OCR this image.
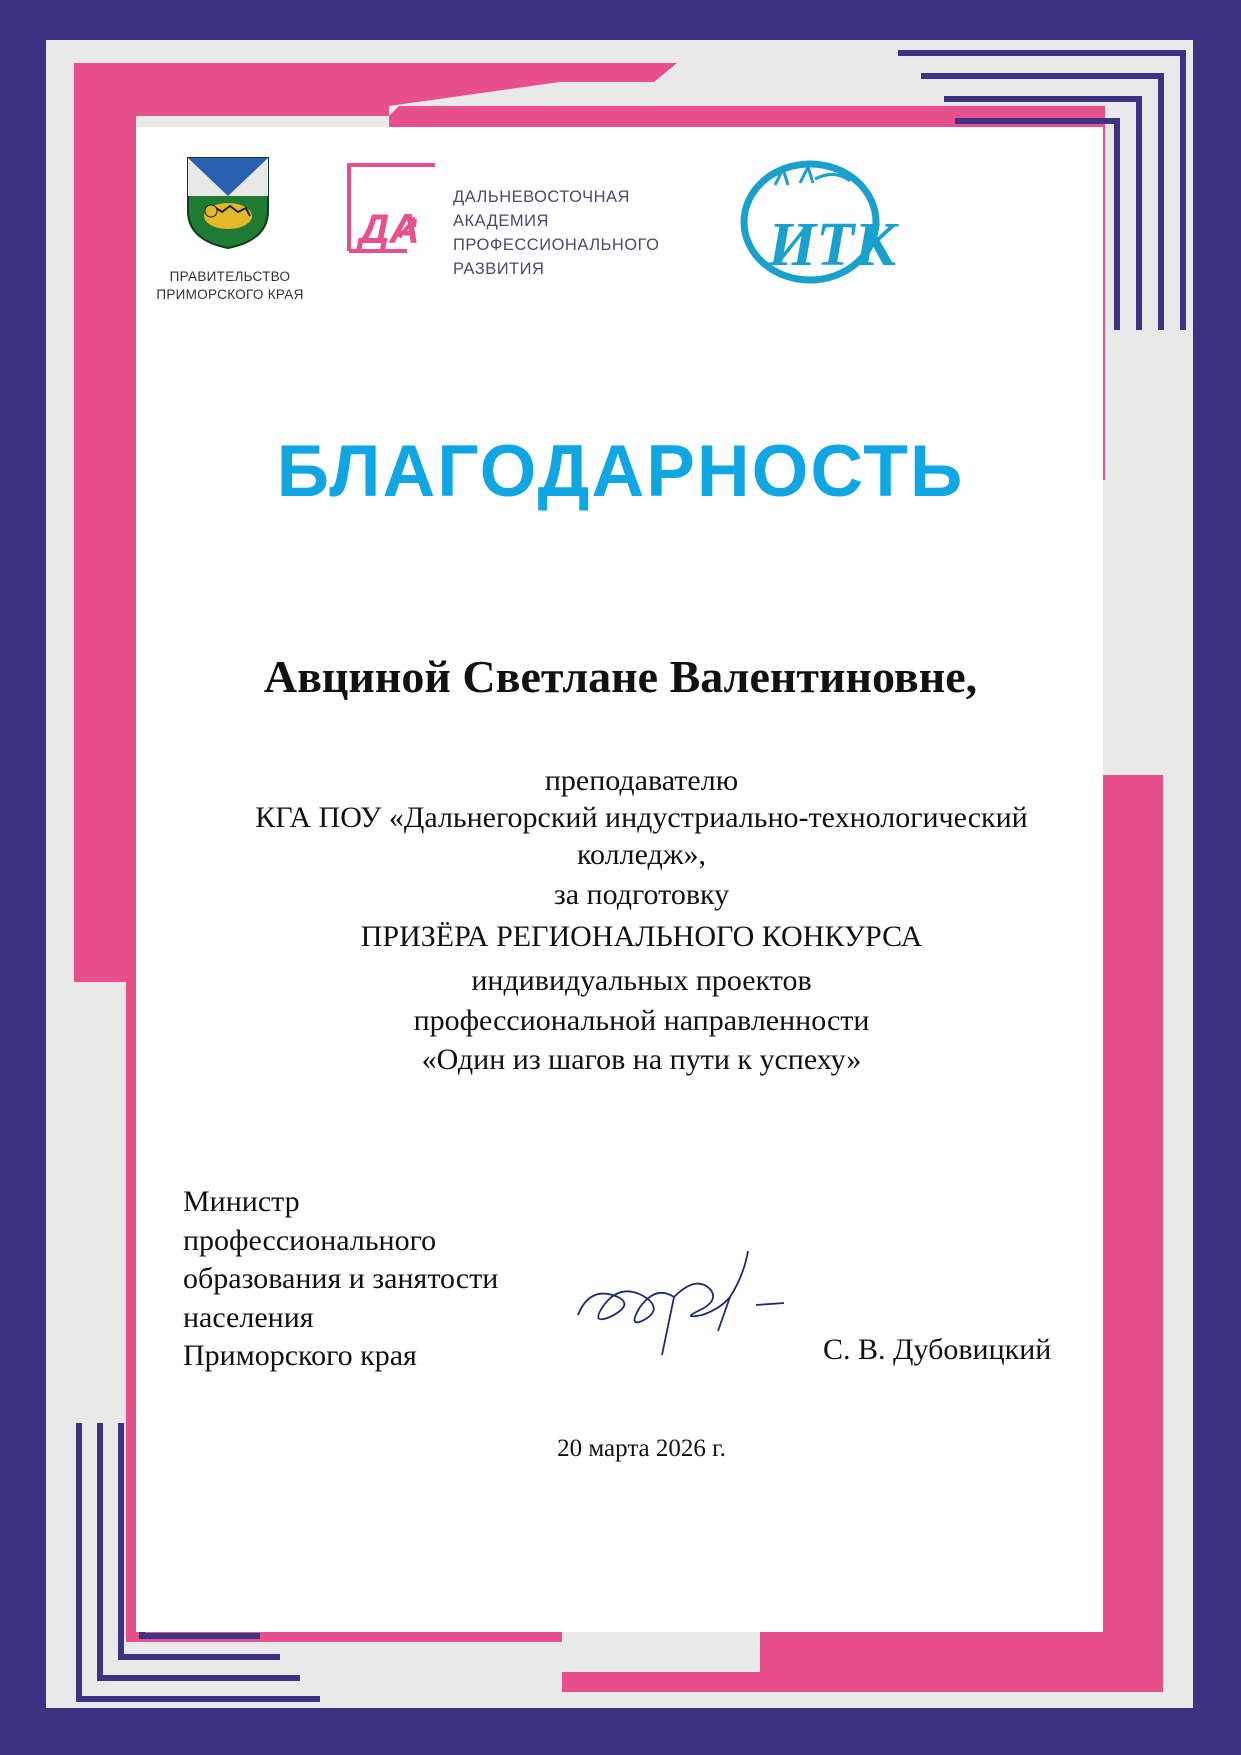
ПРАВИТЕЛЬСТВО
ПРИМОРСКОГО КРАЯ
ДА
ДАЛЬНЕВОСТОЧНАЯ
АКАДЕМИЯ
ПРОФЕССИОНАЛЬНОГО
РАЗВИТИЯ	ИТК
БЛАГОДАРНОСТЬ
Авциной Светлане Валентиновне,
преподавателю
КГА ПОУ «Дальнегорский индустриально-технологический
колледж»,
за подготовку
ПРИЗЁРА РЕГИОНАЛЬНОГО КОНКУРСА
индивидуальных проектов
профессиональной направленности
«Один из шагов на пути к успеху»
Министр
профессионального
образования и занятости
населения
Приморского края	С. В. Дубовицкий
20 марта 2026 г.
